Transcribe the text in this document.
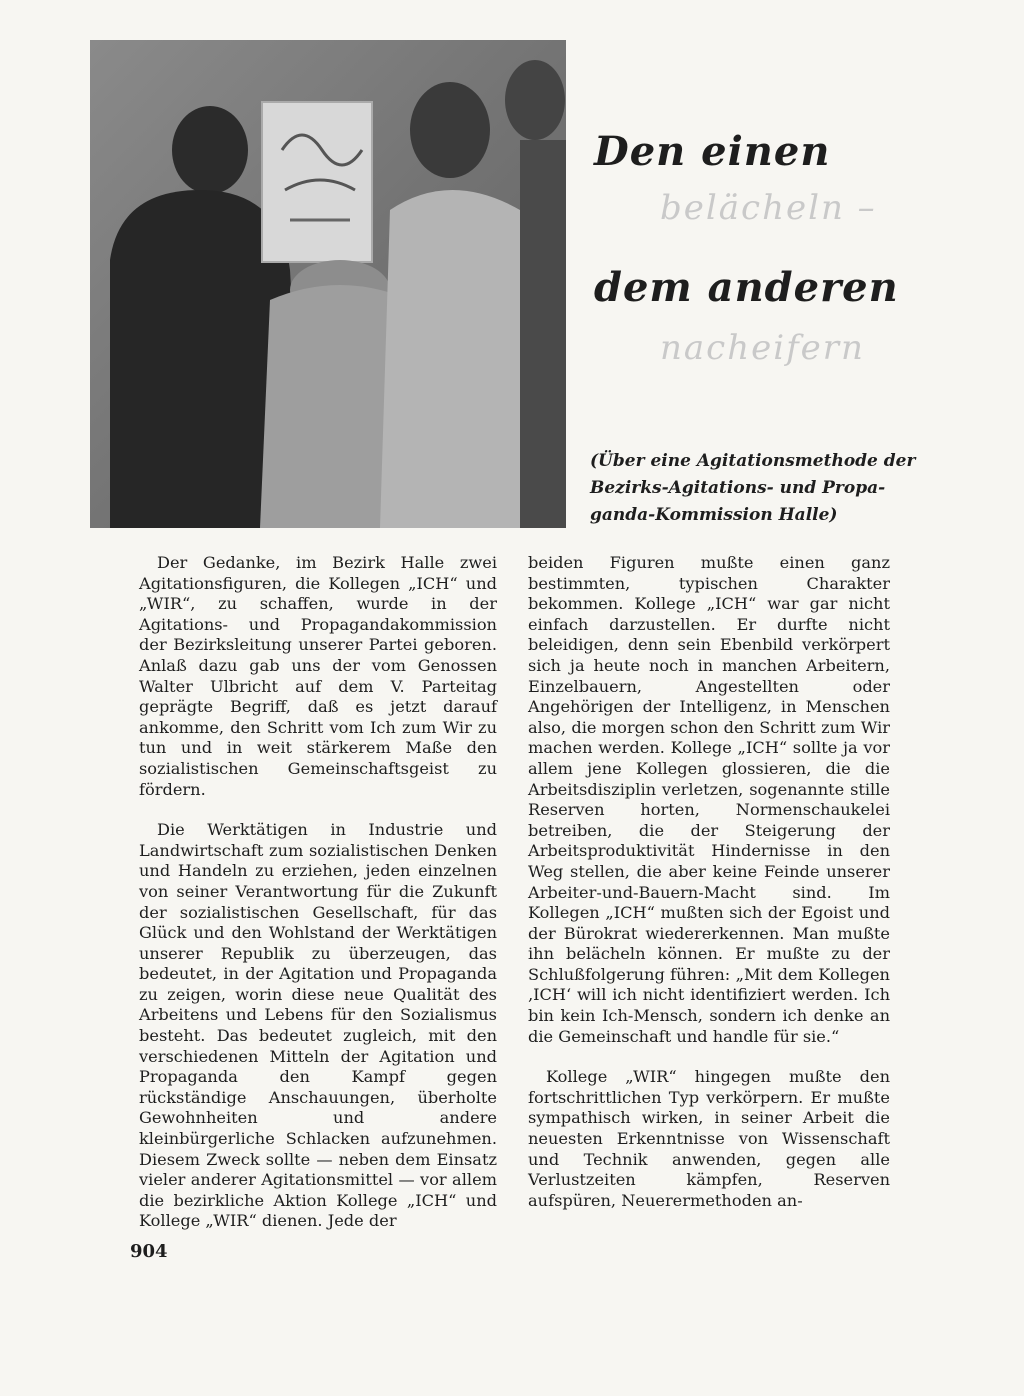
Den einen

belächeln –

dem anderen

nacheifern

(Über eine Agitationsmethode der
Bezirks-Agitations- und Propa-
ganda-Kommission Halle)

Der Gedanke, im Bezirk Halle zwei Agitationsfiguren, die Kollegen „ICH“ und „WIR“, zu schaffen, wurde in der Agitations- und Propagandakommission der Bezirksleitung unserer Partei geboren. Anlaß dazu gab uns der vom Genossen Walter Ulbricht auf dem V. Parteitag geprägte Begriff, daß es jetzt darauf ankomme, den Schritt vom Ich zum Wir zu tun und in weit stärkerem Maße den sozialistischen Gemeinschaftsgeist zu fördern.

Die Werktätigen in Industrie und Landwirtschaft zum sozialistischen Denken und Handeln zu erziehen, jeden einzelnen von seiner Verantwortung für die Zukunft der sozialistischen Gesellschaft, für das Glück und den Wohlstand der Werktätigen unserer Republik zu überzeugen, das bedeutet, in der Agitation und Propaganda zu zeigen, worin diese neue Qualität des Arbeitens und Lebens für den Sozialismus besteht. Das bedeutet zugleich, mit den verschiedenen Mitteln der Agitation und Propaganda den Kampf gegen rückständige Anschauungen, überholte Gewohnheiten und andere kleinbürgerliche Schlacken aufzunehmen. Diesem Zweck sollte — neben dem Einsatz vieler anderer Agitationsmittel — vor allem die bezirkliche Aktion Kollege „ICH“ und Kollege „WIR“ dienen. Jede der

beiden Figuren mußte einen ganz bestimmten, typischen Charakter bekommen. Kollege „ICH“ war gar nicht einfach darzustellen. Er durfte nicht beleidigen, denn sein Ebenbild verkörpert sich ja heute noch in manchen Arbeitern, Einzelbauern, Angestellten oder Angehörigen der Intelligenz, in Menschen also, die morgen schon den Schritt zum Wir machen werden. Kollege „ICH“ sollte ja vor allem jene Kollegen glossieren, die die Arbeitsdisziplin verletzen, sogenannte stille Reserven horten, Normenschaukelei betreiben, die der Steigerung der Arbeitsproduktivität Hindernisse in den Weg stellen, die aber keine Feinde unserer Arbeiter-und-Bauern-Macht sind. Im Kollegen „ICH“ mußten sich der Egoist und der Bürokrat wiedererkennen. Man mußte ihn belächeln können. Er mußte zu der Schlußfolgerung führen: „Mit dem Kollegen ‚ICH‘ will ich nicht identifiziert werden. Ich bin kein Ich-Mensch, sondern ich denke an die Gemeinschaft und handle für sie.“

Kollege „WIR“ hingegen mußte den fortschrittlichen Typ verkörpern. Er mußte sympathisch wirken, in seiner Arbeit die neuesten Erkenntnisse von Wissenschaft und Technik anwenden, gegen alle Verlustzeiten kämpfen, Reserven aufspüren, Neuerermethoden an-

904
